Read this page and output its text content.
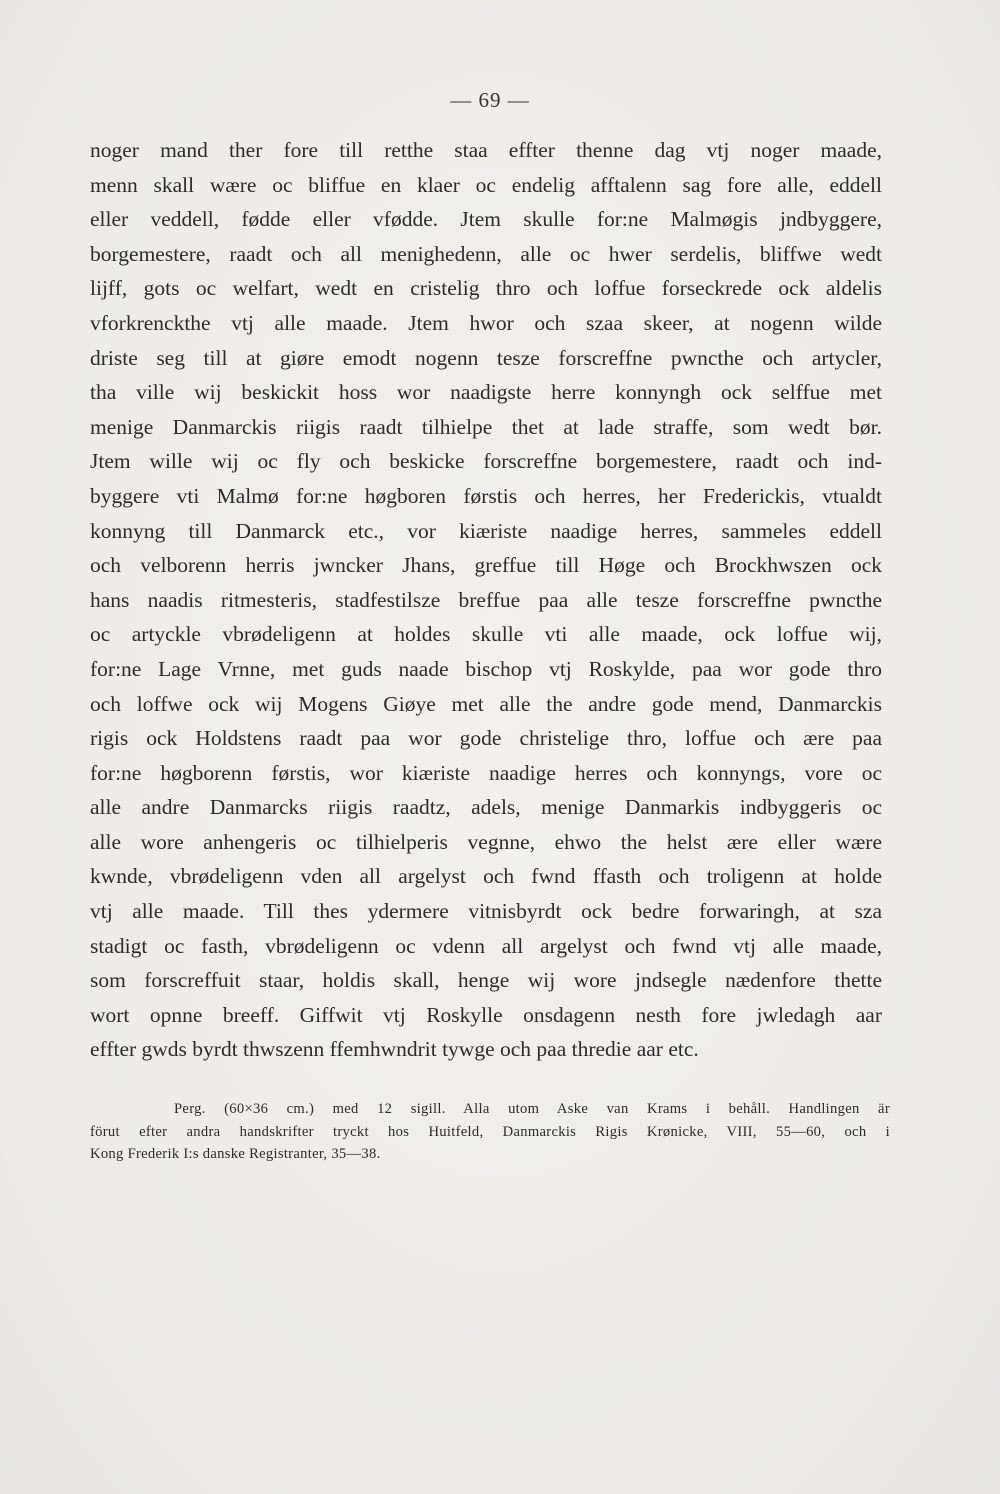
— 69 —
noger mand ther fore till retthe staa effter thenne dag vtj noger maade,
menn skall wære oc bliffue en klaer oc endelig afftalenn sag fore alle, eddell
eller veddell, fødde eller vfødde. Jtem skulle for:ne Malmøgis jndbyggere,
borgemestere, raadt och all menighedenn, alle oc hwer serdelis, bliffwe wedt
lijff, gots oc welfart, wedt en cristelig thro och loffue forseckrede ock aldelis
vforkrenckthe vtj alle maade. Jtem hwor och szaa skeer, at nogenn wilde
driste seg till at giøre emodt nogenn tesze forscreffne pwncthe och artycler,
tha ville wij beskickit hoss wor naadigste herre konnyngh ock selffue met
menige Danmarckis riigis raadt tilhielpe thet at lade straffe, som wedt bør.
Jtem wille wij oc fly och beskicke forscreffne borgemestere, raadt och ind-
byggere vti Malmø for:ne høgboren førstis och herres, her Frederickis, vtualdt
konnyng till Danmarck etc., vor kiæriste naadige herres, sammeles eddell
och velborenn herris jwncker Jhans, greffue till Høge och Brockhwszen ock
hans naadis ritmesteris, stadfestilsze breffue paa alle tesze forscreffne pwncthe
oc artyckle vbrødeligenn at holdes skulle vti alle maade, ock loffue wij,
for:ne Lage Vrnne, met guds naade bischop vtj Roskylde, paa wor gode thro
och loffwe ock wij Mogens Giøye met alle the andre gode mend, Danmarckis
rigis ock Holdstens raadt paa wor gode christelige thro, loffue och ære paa
for:ne høgborenn førstis, wor kiæriste naadige herres och konnyngs, vore oc
alle andre Danmarcks riigis raadtz, adels, menige Danmarkis indbyggeris oc
alle wore anhengeris oc tilhielperis vegnne, ehwo the helst ære eller wære
kwnde, vbrødeligenn vden all argelyst och fwnd ffasth och troligenn at holde
vtj alle maade. Till thes ydermere vitnisbyrdt ock bedre forwaringh, at sza
stadigt oc fasth, vbrødeligenn oc vdenn all argelyst och fwnd vtj alle maade,
som forscreffuit staar, holdis skall, henge wij wore jndsegle nædenfore thette
wort opnne breeff. Giffwit vtj Roskylle onsdagenn nesth fore jwledagh aar
effter gwds byrdt thwszenn ffemhwndrit tywge och paa thredie aar etc.
Perg. (60×36 cm.) med 12 sigill. Alla utom Aske van Krams i behåll. Handlingen är
förut efter andra handskrifter tryckt hos Huitfeld, Danmarckis Rigis Krønicke, VIII, 55—60, och i
Kong Frederik I:s danske Registranter, 35—38.
